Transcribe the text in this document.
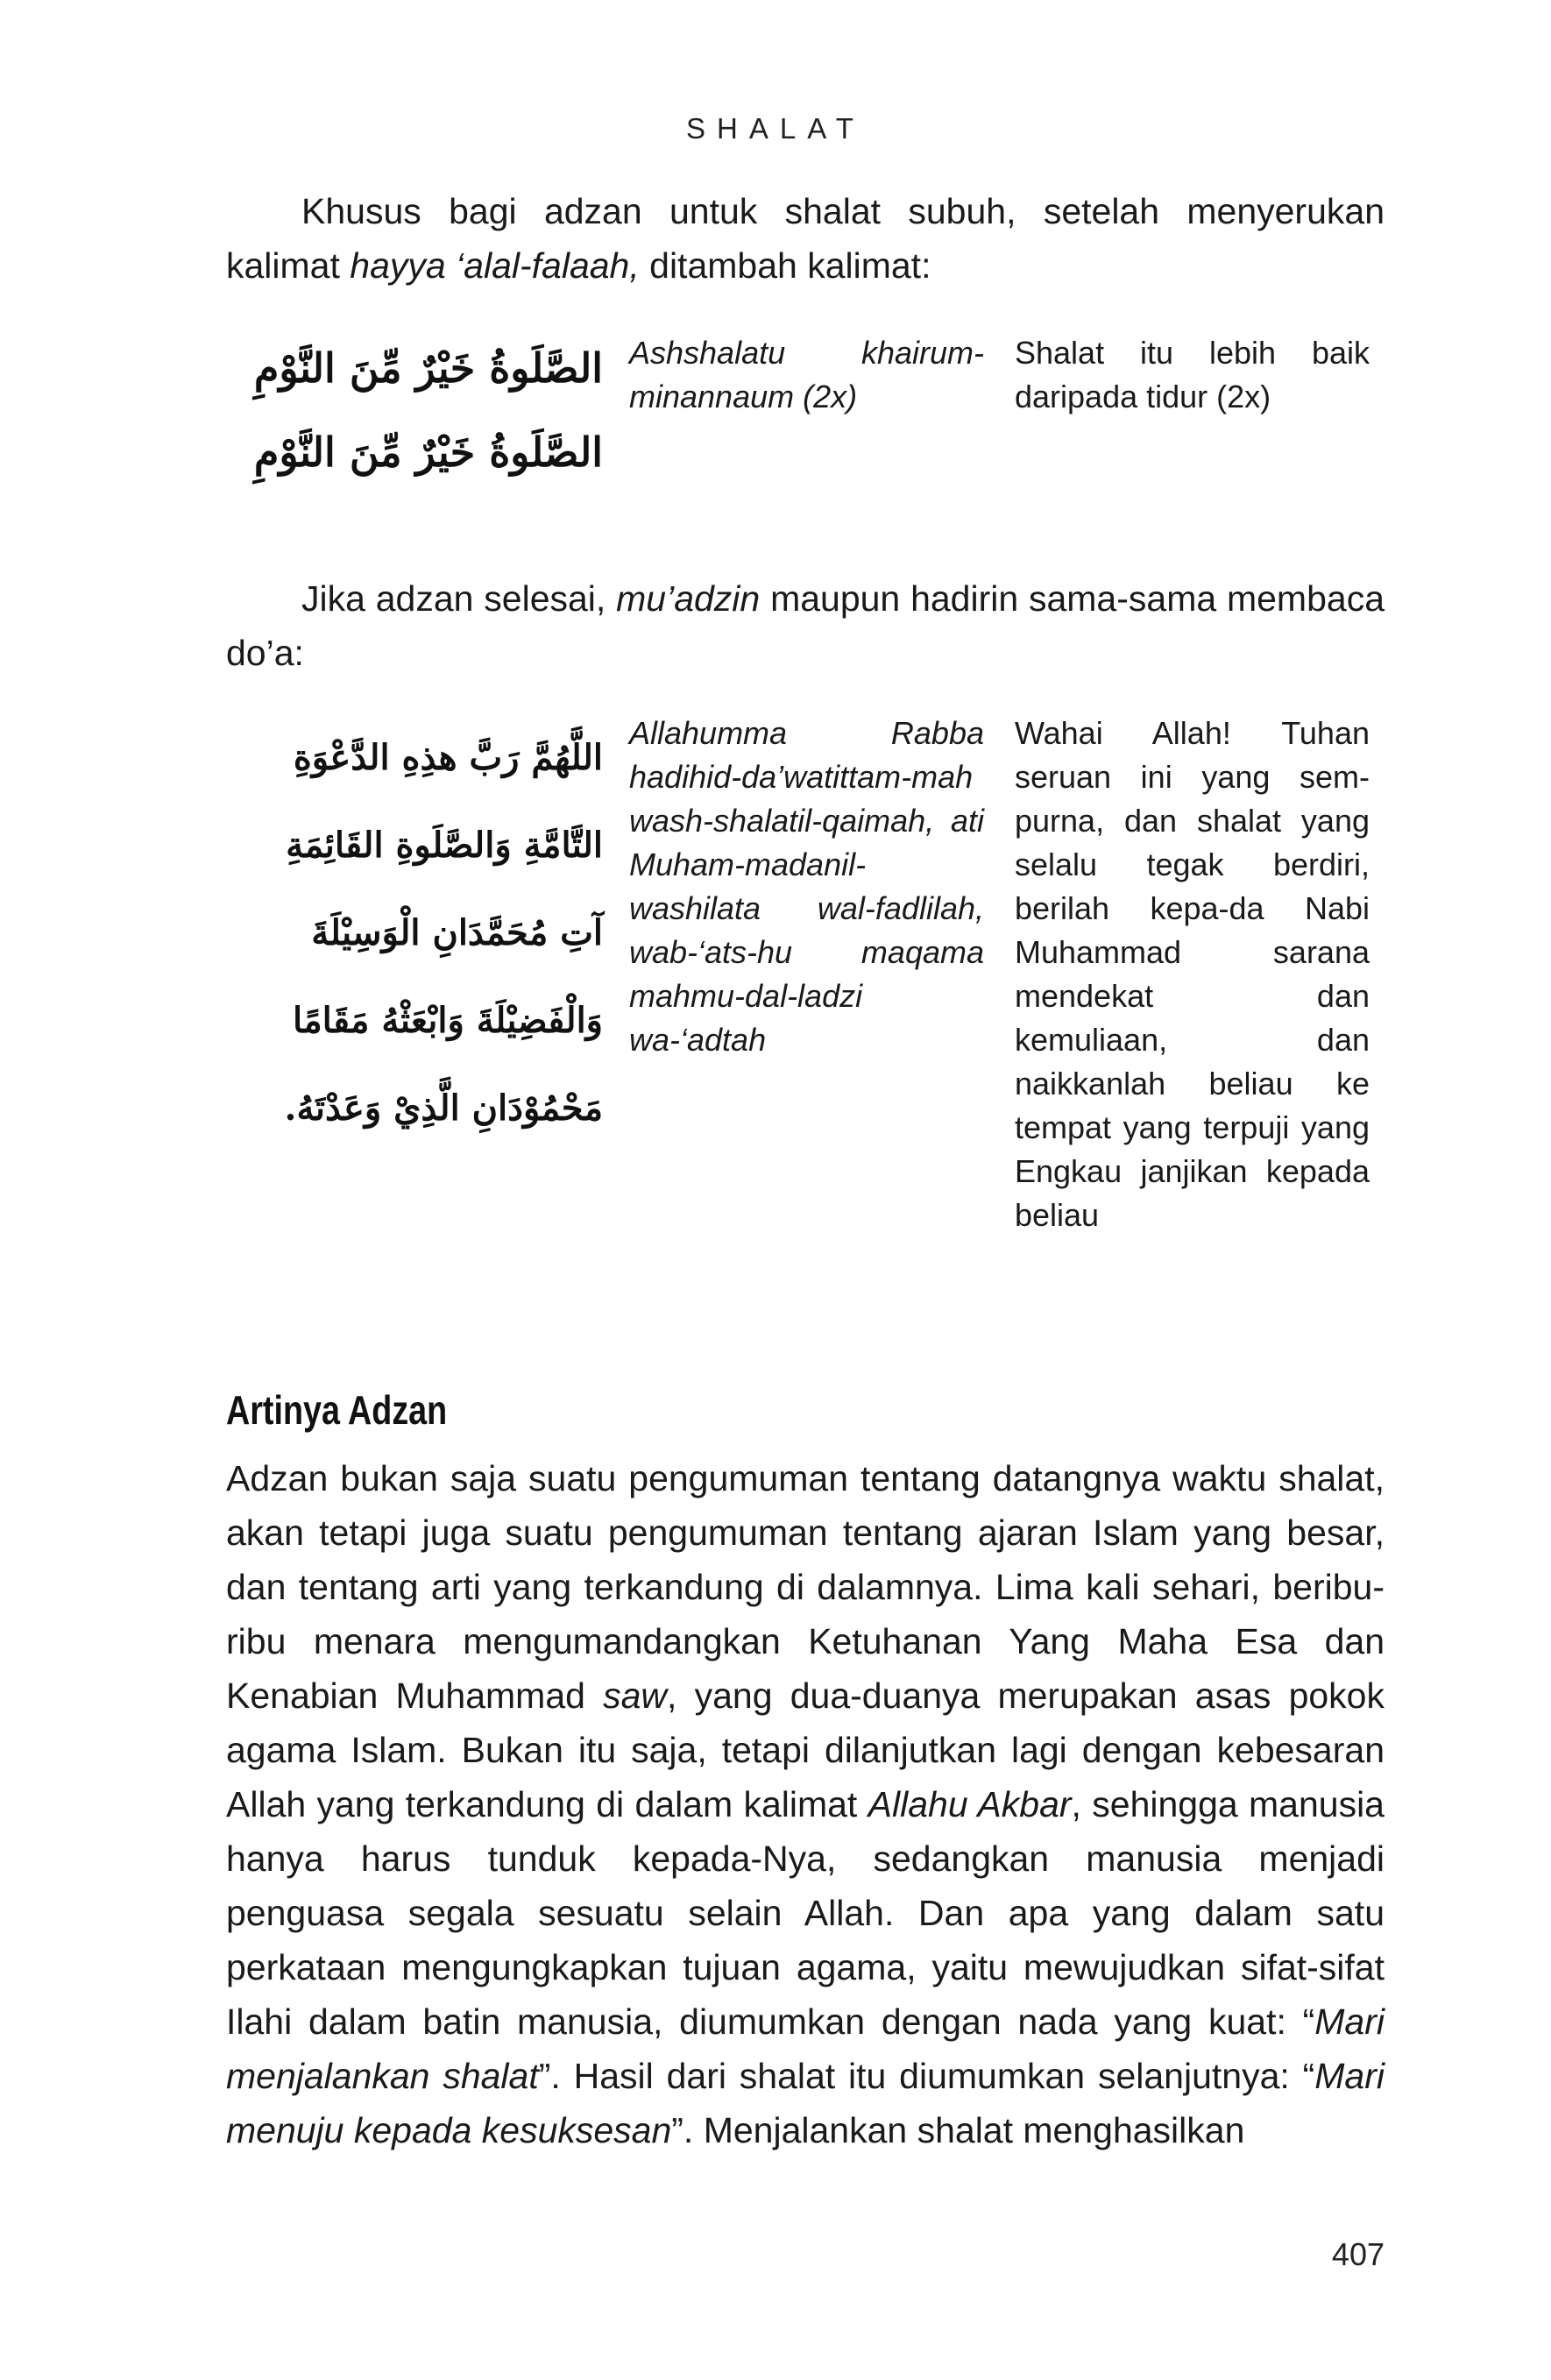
SHALAT

Khusus bagi adzan untuk shalat subuh, setelah menyerukan kalimat hayya ‘alal-falaah, ditambah kalimat:

الصَّلَوةُ خَيْرٌ مِّنَ النَّوْمِ
الصَّلَوةُ خَيْرٌ مِّنَ النَّوْمِ
Ashshalatu khairum-minannaum (2x)
Shalat itu lebih baik daripada tidur (2x)

Jika adzan selesai, mu’adzin maupun hadirin sama-sama membaca do’a:

اللَّهُمَّ رَبَّ هذِهِ الدَّعْوَةِ
التَّامَّةِ وَالصَّلَوةِ القَائِمَةِ
آتِ مُحَمَّدَانِ الْوَسِيْلَةَ
وَالْفَضِيْلَةَ وَابْعَثْهُ مَقَامًا
مَحْمُوْدَانِ الَّذِيْ وَعَدْتَهُ.
Allahumma Rabba hadihid-da’watittam-mah wash-shalatil-qaimah, ati Muham-madanil-washilata wal-fadlilah, wab-‘ats-hu maqama mahmu-dal-ladzi wa-‘adtah
Wahai Allah! Tuhan seruan ini yang sem-purna, dan shalat yang selalu tegak berdiri, berilah kepa-da Nabi Muhammad sarana mendekat dan kemuliaan, dan naikkanlah beliau ke tempat yang terpuji yang Engkau janjikan kepada beliau
Artinya Adzan

Adzan bukan saja suatu pengumuman tentang datangnya waktu shalat, akan tetapi juga suatu pengumuman tentang ajaran Islam yang besar, dan tentang arti yang terkandung di dalamnya. Lima kali sehari, beribu-ribu menara mengumandangkan Ketuhanan Yang Maha Esa dan Kenabian Muhammad saw, yang dua-duanya merupakan asas pokok agama Islam. Bukan itu saja, tetapi dilanjutkan lagi dengan kebesaran Allah yang terkandung di dalam kalimat Allahu Akbar, sehingga manusia hanya harus tunduk kepada-Nya, sedangkan manusia menjadi penguasa segala sesuatu selain Allah. Dan apa yang dalam satu perkataan mengungkapkan tujuan agama, yaitu mewujudkan sifat-sifat Ilahi dalam batin manusia, diumumkan dengan nada yang kuat: “Mari menjalankan shalat”. Hasil dari shalat itu diumumkan selanjutnya: “Mari menuju kepada kesuksesan”. Menjalankan shalat menghasilkan

407
